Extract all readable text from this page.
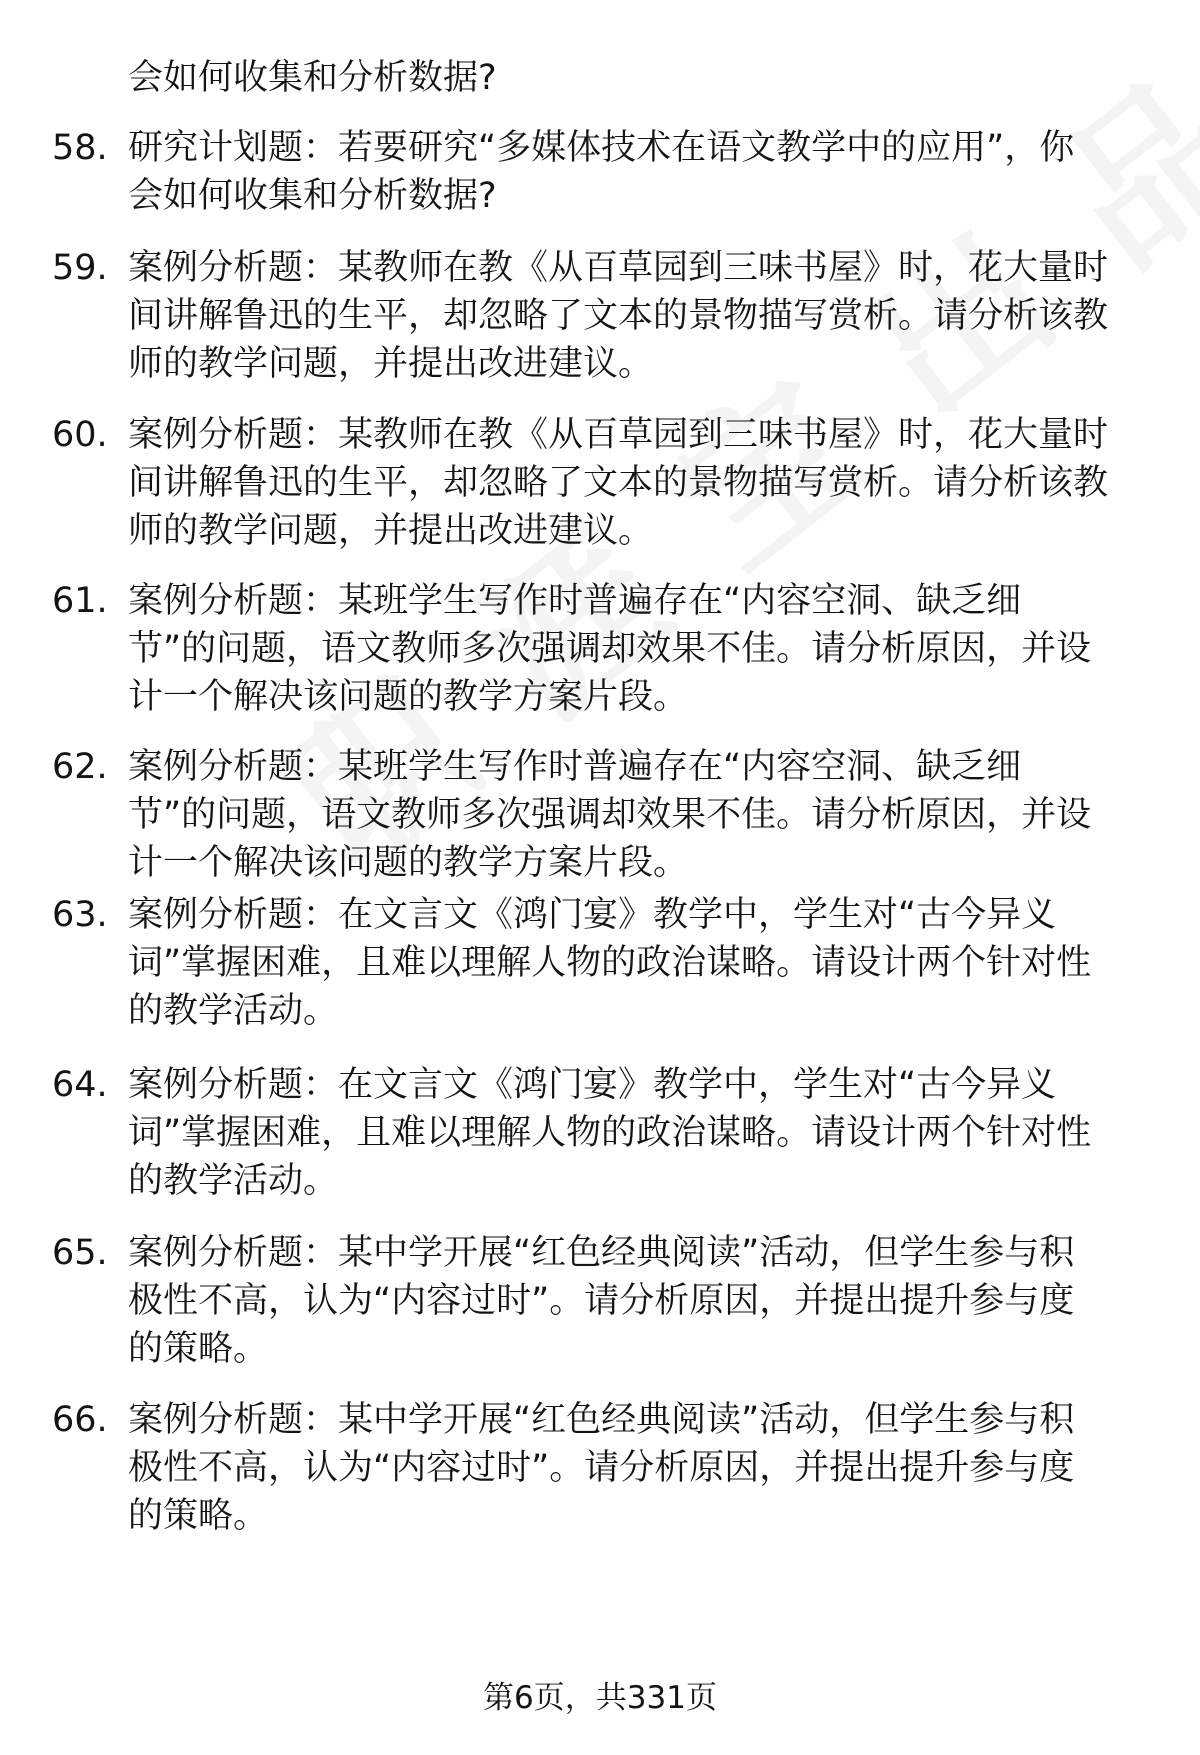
会如何收集和分析数据?
58. 研究计划题：若要研究“多媒体技术在语文教学中的应用”，你
会如何收集和分析数据?
59. 案例分析题：某教师在教《从百草园到三味书屋》时，花大量时
间讲解鲁迅的生平，却忽略了文本的景物描写赏析。请分析该教
师的教学问题，并提出改进建议。
60. 案例分析题：某教师在教《从百草园到三味书屋》时，花大量时
间讲解鲁迅的生平，却忽略了文本的景物描写赏析。请分析该教
师的教学问题，并提出改进建议。
61. 案例分析题：某班学生写作时普遍存在“内容空洞、缺乏细
节”的问题，语文教师多次强调却效果不佳。请分析原因，并设
计一个解决该问题的教学方案片段。
62. 案例分析题：某班学生写作时普遍存在“内容空洞、缺乏细
节”的问题，语文教师多次强调却效果不佳。请分析原因，并设
计一个解决该问题的教学方案片段。
63. 案例分析题：在文言文《鸿门宴》教学中，学生对“古今异义
词”掌握困难，且难以理解人物的政治谋略。请设计两个针对性
的教学活动。
64. 案例分析题：在文言文《鸿门宴》教学中，学生对“古今异义
词”掌握困难，且难以理解人物的政治谋略。请设计两个针对性
的教学活动。
65. 案例分析题：某中学开展“红色经典阅读”活动，但学生参与积
极性不高，认为“内容过时”。请分析原因，并提出提升参与度
的策略。
66. 案例分析题：某中学开展“红色经典阅读”活动，但学生参与积
极性不高，认为“内容过时”。请分析原因，并提出提升参与度
的策略。
第6页，共331页
